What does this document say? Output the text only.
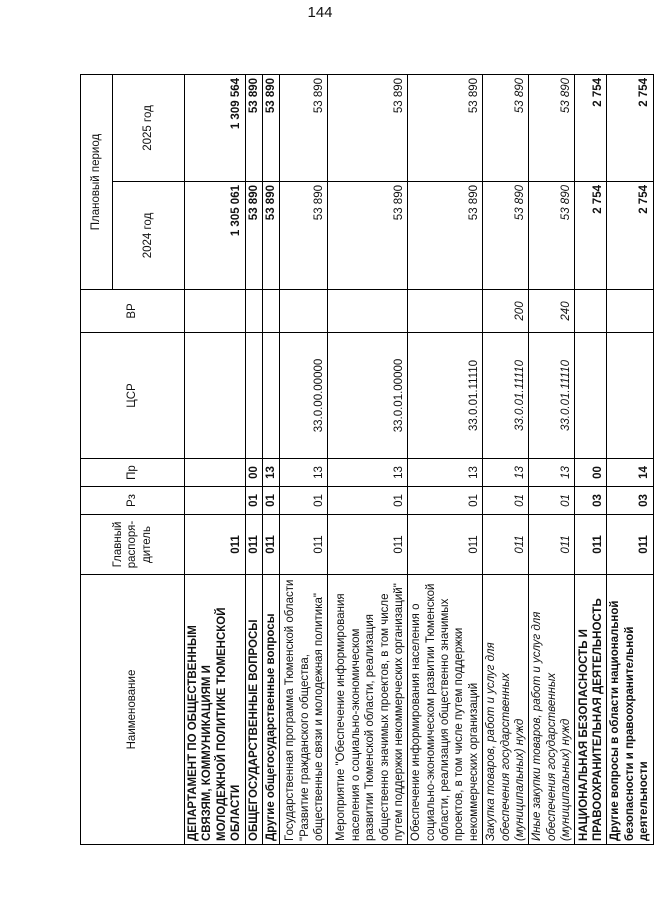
144
Наименование	Главный распоря-дитель	Рз	Пр	ЦСР	ВР	Плановый период	
						2024 год	2025 год
ДЕПАРТАМЕНТ ПО ОБЩЕСТВЕННЫМ СВЯЗЯМ, КОММУНИКАЦИЯМ И МОЛОДЕЖНОЙ ПОЛИТИКЕ ТЮМЕНСКОЙ ОБЛАСТИ	011					1 305 061	1 309 564
ОБЩЕГОСУДАРСТВЕННЫЕ ВОПРОСЫ	011	01	00			53 890	53 890
Другие общегосударственные вопросы	011	01	13			53 890	53 890
Государственная программа Тюменской области "Развитие гражданского общества, общественные связи и молодежная политика"	011	01	13	33.0.00.00000		53 890	53 890
Мероприятие "Обеспечение информирования населения о социально-экономическом развитии Тюменской области, реализация общественно значимых проектов, в том числе путем поддержки некоммерческих организаций"	011	01	13	33.0.01.00000		53 890	53 890
Обеспечение информирования населения о социально-экономическом развитии Тюменской области, реализация общественно значимых проектов, в том числе путем поддержки некоммерческих организаций	011	01	13	33.0.01.11110		53 890	53 890
Закупка товаров, работ и услуг для обеспечения государственных (муниципальных) нужд	011	01	13	33.0.01.11110	200	53 890	53 890
Иные закупки товаров, работ и услуг для обеспечения государственных (муниципальных) нужд	011	01	13	33.0.01.11110	240	53 890	53 890
НАЦИОНАЛЬНАЯ БЕЗОПАСНОСТЬ И ПРАВООХРАНИТЕЛЬНАЯ ДЕЯТЕЛЬНОСТЬ	011	03	00			2 754	2 754
Другие вопросы в области национальной безопасности и правоохранительной деятельности	011	03	14			2 754	2 754
